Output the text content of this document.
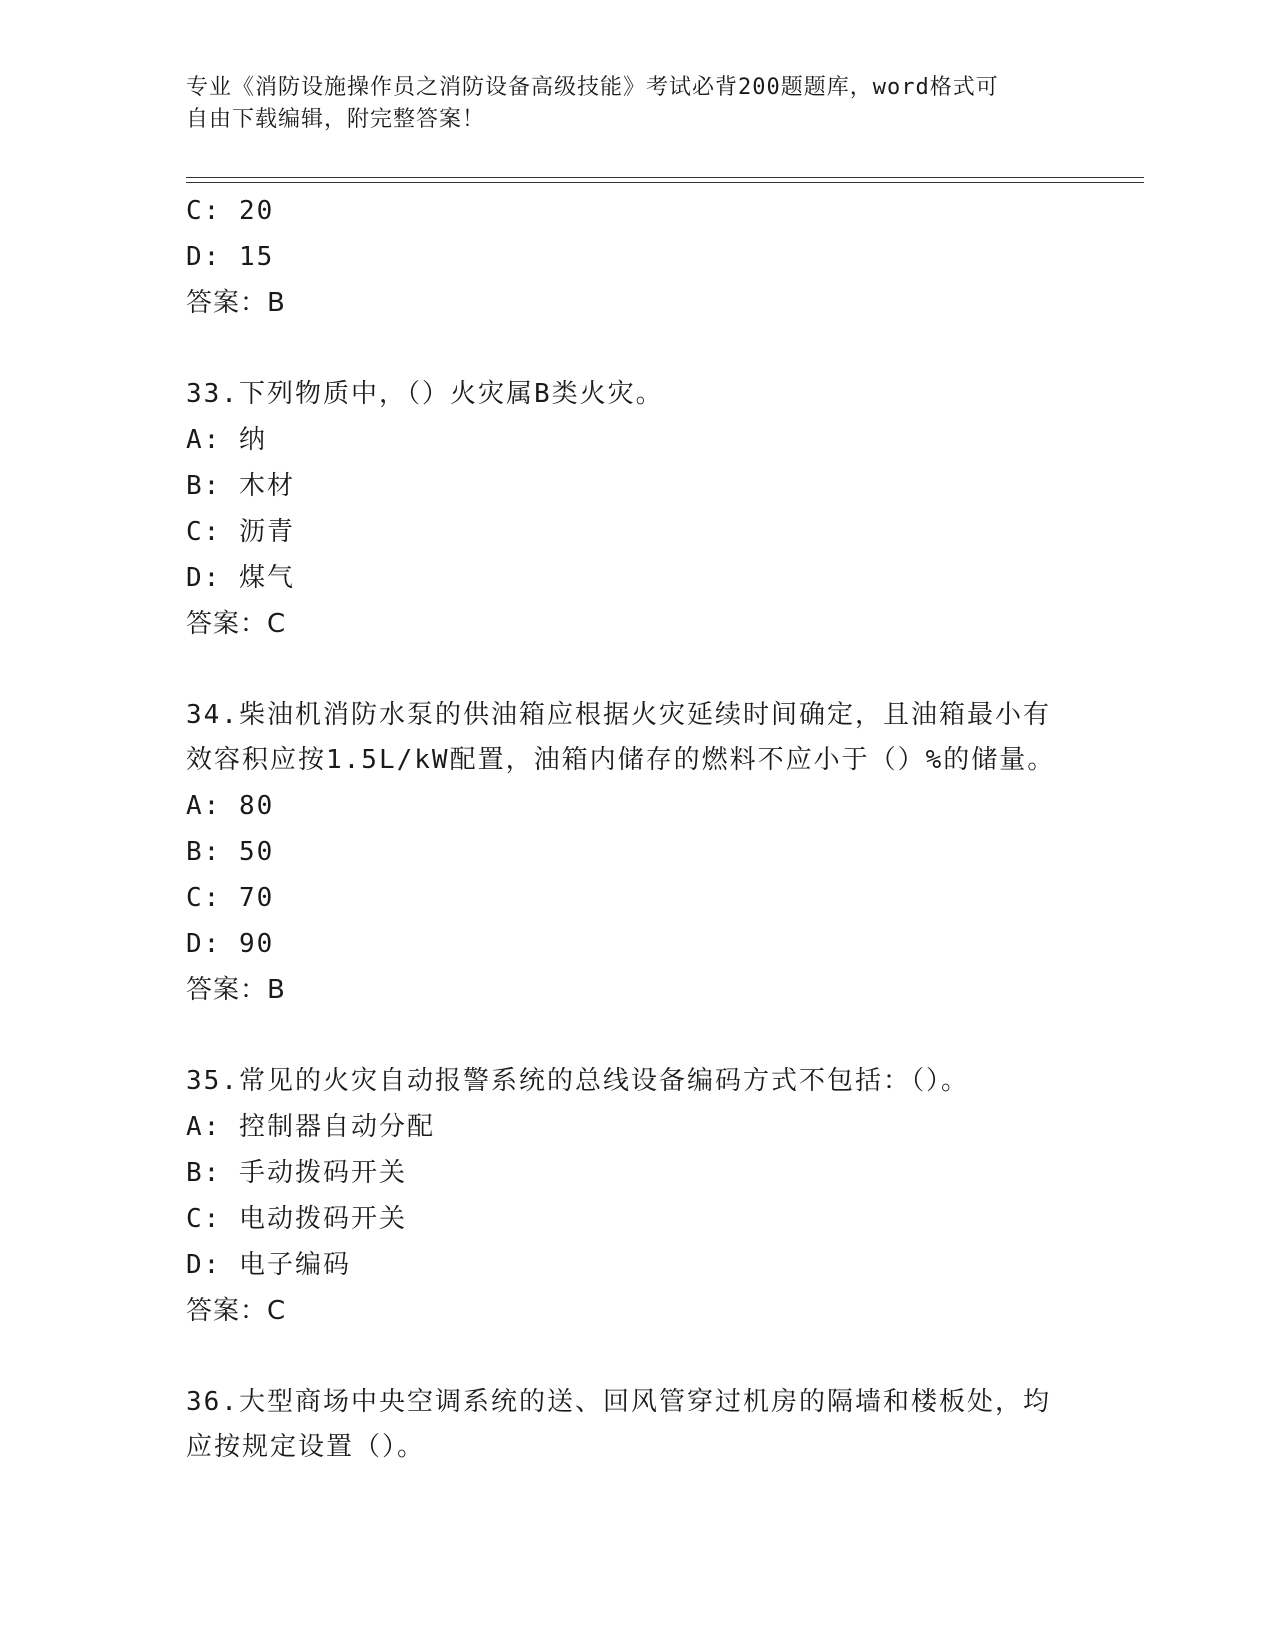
专业《消防设施操作员之消防设备高级技能》考试必背200题题库，word格式可
自由下载编辑，附完整答案！
C: 20
D: 15
答案：B
33.下列物质中，（）火灾属B类火灾。
A: 纳
B: 木材
C: 沥青
D: 煤气
答案：C
34.柴油机消防水泵的供油箱应根据火灾延续时间确定，且油箱最小有
效容积应按1.5L/kW配置，油箱内储存的燃料不应小于（）%的储量。
A: 80
B: 50
C: 70
D: 90
答案：B
35.常见的火灾自动报警系统的总线设备编码方式不包括：（）。
A: 控制器自动分配
B: 手动拨码开关
C: 电动拨码开关
D: 电子编码
答案：C
36.大型商场中央空调系统的送、回风管穿过机房的隔墙和楼板处，均
应按规定设置（）。
